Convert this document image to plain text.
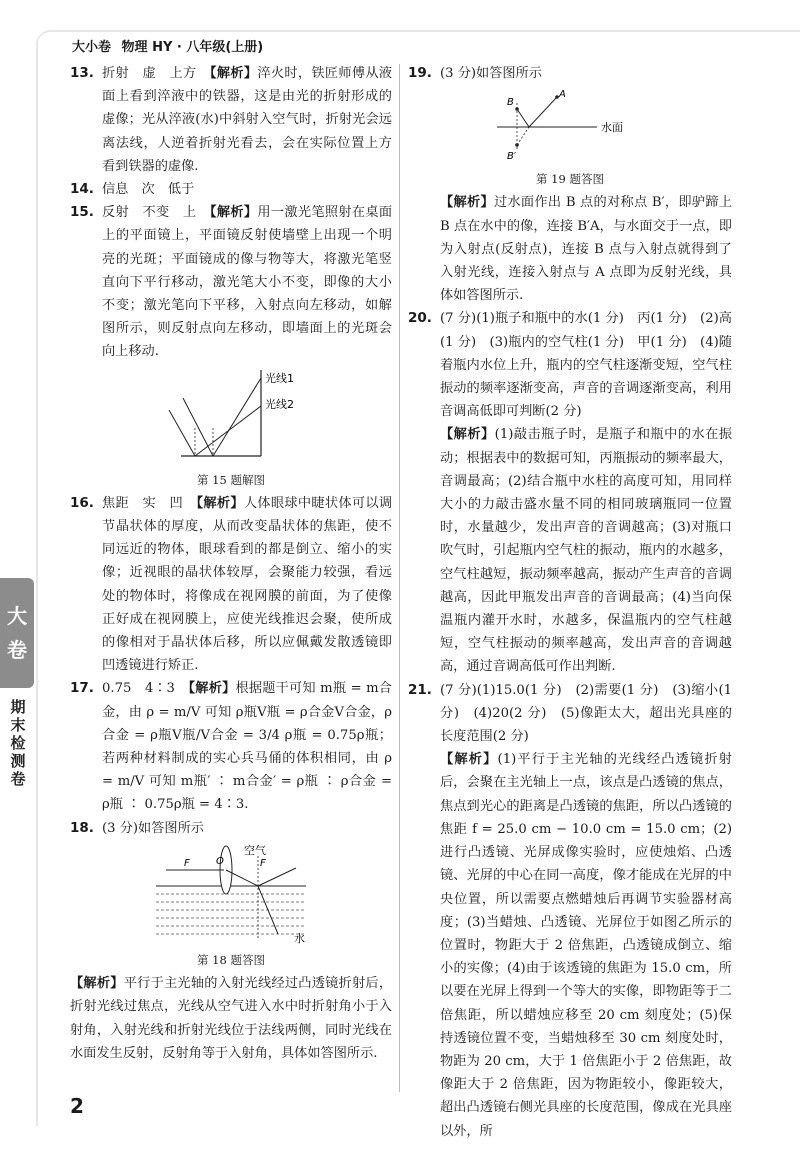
大小卷 物理 HY · 八年级(上册)
大
卷
期末检测卷
13. 折射　虚　上方　【解析】淬火时，铁匠师傅从液面上看到淬液中的铁器，这是由光的折射形成的虚像；光从淬液(水)中斜射入空气时，折射光会远离法线，人逆着折射光看去，会在实际位置上方看到铁器的虚像.
14. 信息　次　低于
15. 反射　不变　上　【解析】用一激光笔照射在桌面上的平面镜上，平面镜反射使墙壁上出现一个明亮的光斑；平面镜成的像与物等大，将激光笔竖直向下平行移动，激光笔大小不变，即像的大小不变；激光笔向下平移，入射点向左移动，如解图所示，则反射点向左移动，即墙面上的光斑会向上移动.
光线1
光线2
第 15 题解图
16. 焦距　实　凹　【解析】人体眼球中睫状体可以调节晶状体的厚度，从而改变晶状体的焦距，使不同远近的物体，眼球看到的都是倒立、缩小的实像；近视眼的晶状体较厚，会聚能力较强，看远处的物体时，将像成在视网膜的前面，为了使像正好成在视网膜上，应使光线推迟会聚，使所成的像相对于晶状体后移，所以应佩戴发散透镜即凹透镜进行矫正.
17. 0.75　4∶3　【解析】根据题干可知 m瓶 = m合金，由 ρ = m/V 可知 ρ瓶V瓶 = ρ合金V合金，ρ合金 = ρ瓶V瓶/V合金 = 3/4 ρ瓶 = 0.75ρ瓶；若两种材料制成的实心兵马俑的体积相同，由 ρ = m/V 可知 m瓶′ ∶ m合金′ = ρ瓶 ∶ ρ合金 = ρ瓶 ∶ 0.75ρ瓶 = 4∶3.
18. (3 分)如答图所示
F	O	F
空气
水
第 18 题答图
【解析】平行于主光轴的入射光线经过凸透镜折射后，折射光线过焦点，光线从空气进入水中时折射角小于入射角，入射光线和折射光线位于法线两侧，同时光线在水面发生反射，反射角等于入射角，具体如答图所示.
19. (3 分)如答图所示
B
A
B′
水面
第 19 题答图
【解析】过水面作出 B 点的对称点 B′，即驴蹄上 B 点在水中的像，连接 B′A，与水面交于一点，即为入射点(反射点)，连接 B 点与入射点就得到了入射光线，连接入射点与 A 点即为反射光线，具体如答图所示.
20. (7 分)(1)瓶子和瓶中的水(1 分)　丙(1 分)　(2)高(1 分)　(3)瓶内的空气柱(1 分)　甲(1 分)　(4)随着瓶内水位上升，瓶内的空气柱逐渐变短，空气柱振动的频率逐渐变高，声音的音调逐渐变高，利用音调高低即可判断(2 分)
【解析】(1)敲击瓶子时，是瓶子和瓶中的水在振动；根据表中的数据可知，丙瓶振动的频率最大，音调最高；(2)结合瓶中水柱的高度可知，用同样大小的力敲击盛水量不同的相同玻璃瓶同一位置时，水量越少，发出声音的音调越高；(3)对瓶口吹气时，引起瓶内空气柱的振动，瓶内的水越多，空气柱越短，振动频率越高，振动产生声音的音调越高，因此甲瓶发出声音的音调最高；(4)当向保温瓶内灌开水时，水越多，保温瓶内的空气柱越短，空气柱振动的频率越高，发出声音的音调越高，通过音调高低可作出判断.
21. (7 分)(1)15.0(1 分)　(2)需要(1 分)　(3)缩小(1 分)　(4)20(2 分)　(5)像距太大，超出光具座的长度范围(2 分)
【解析】(1)平行于主光轴的光线经凸透镜折射后，会聚在主光轴上一点，该点是凸透镜的焦点，焦点到光心的距离是凸透镜的焦距，所以凸透镜的焦距 f = 25.0 cm − 10.0 cm = 15.0 cm；(2)进行凸透镜、光屏成像实验时，应使烛焰、凸透镜、光屏的中心在同一高度，像才能成在光屏的中央位置，所以需要点燃蜡烛后再调节实验器材高度；(3)当蜡烛、凸透镜、光屏位于如图乙所示的位置时，物距大于 2 倍焦距，凸透镜成倒立、缩小的实像；(4)由于该透镜的焦距为 15.0 cm，所以要在光屏上得到一个等大的实像，即物距等于二倍焦距，所以蜡烛应移至 20 cm 刻度处；(5)保持透镜位置不变，当蜡烛移至 30 cm 刻度处时，物距为 20 cm，大于 1 倍焦距小于 2 倍焦距，故像距大于 2 倍焦距，因为物距较小，像距较大，超出凸透镜右侧光具座的长度范围，像成在光具座以外，所
2
